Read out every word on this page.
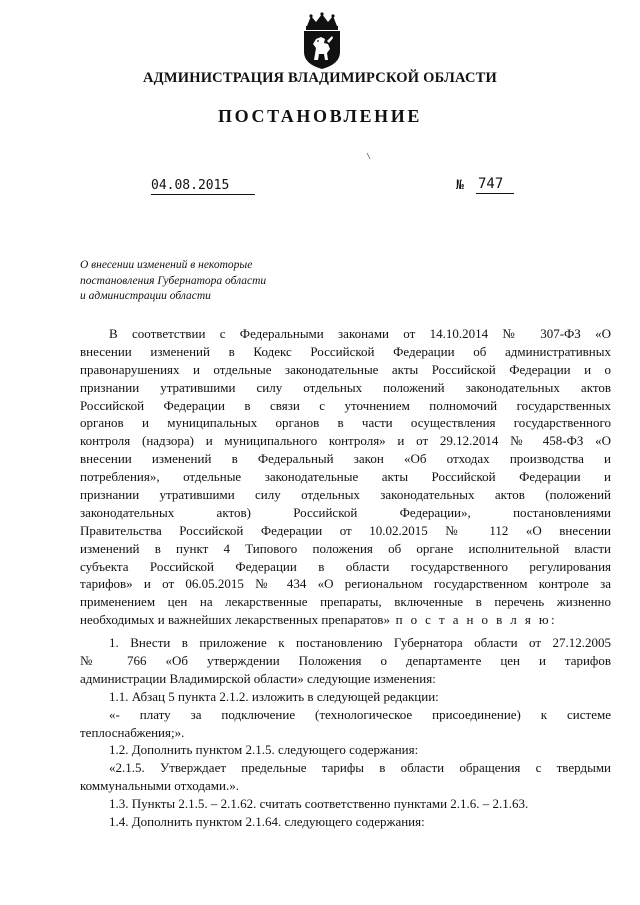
АДМИНИСТРАЦИЯ ВЛАДИМИРСКОЙ ОБЛАСТИ
ПОСТАНОВЛЕНИЕ
04.08.2015	№ 747
О внесении изменений в некоторые
постановления Губернатора области
и администрации области
В соответствии с Федеральными законами от 14.10.2014 № 307-ФЗ «О
внесении изменений в Кодекс Российской Федерации об административных
правонарушениях и отдельные законодательные акты Российской Федерации и о
признании утратившими силу отдельных положений законодательных актов
Российской Федерации в связи с уточнением полномочий государственных
органов и муниципальных органов в части осуществления государственного
контроля (надзора) и муниципального контроля» и от 29.12.2014 № 458-ФЗ «О
внесении изменений в Федеральный закон «Об отходах производства и
потребления», отдельные законодательные акты Российской Федерации и
признании утратившими силу отдельных законодательных актов (положений
законодательных актов) Российской Федерации», постановлениями
Правительства Российской Федерации от 10.02.2015 № 112 «О внесении
изменений в пункт 4 Типового положения об органе исполнительной власти
субъекта Российской Федерации в области государственного регулирования
тарифов» и от 06.05.2015 № 434 «О региональном государственном контроле за
применением цен на лекарственные препараты, включенные в перечень жизненно
необходимых и важнейших лекарственных препаратов» п о с т а н о в л я ю:
1. Внести в приложение к постановлению Губернатора области от 27.12.2005
№ 766 «Об утверждении Положения о департаменте цен и тарифов
администрации Владимирской области» следующие изменения:
1.1. Абзац 5 пункта 2.1.2. изложить в следующей редакции:
«- плату за подключение (технологическое присоединение) к системе
теплоснабжения;».
1.2. Дополнить пунктом 2.1.5. следующего содержания:
«2.1.5. Утверждает предельные тарифы в области обращения с твердыми
коммунальными отходами.».
1.3. Пункты 2.1.5. – 2.1.62. считать соответственно пунктами 2.1.6. – 2.1.63.
1.4. Дополнить пунктом 2.1.64. следующего содержания:
